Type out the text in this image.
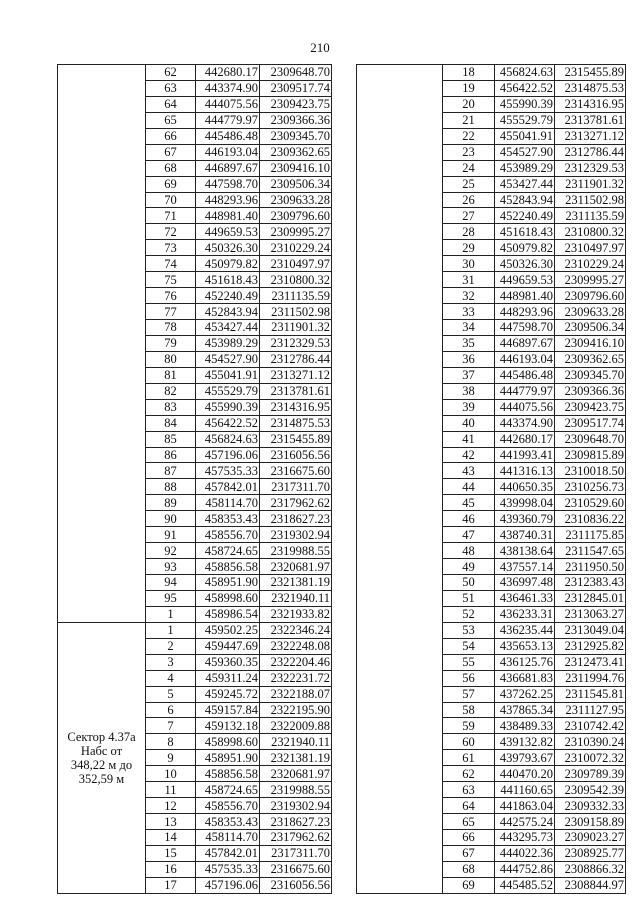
210
	62	442680.17	2309648.70
	63	443374.90	2309517.74
	64	444075.56	2309423.75
	65	444779.97	2309366.36
	66	445486.48	2309345.70
	67	446193.04	2309362.65
	68	446897.67	2309416.10
	69	447598.70	2309506.34
	70	448293.96	2309633.28
	71	448981.40	2309796.60
	72	449659.53	2309995.27
	73	450326.30	2310229.24
	74	450979.82	2310497.97
	75	451618.43	2310800.32
	76	452240.49	2311135.59
	77	452843.94	2311502.98
	78	453427.44	2311901.32
	79	453989.29	2312329.53
	80	454527.90	2312786.44
	81	455041.91	2313271.12
	82	455529.79	2313781.61
	83	455990.39	2314316.95
	84	456422.52	2314875.53
	85	456824.63	2315455.89
	86	457196.06	2316056.56
	87	457535.33	2316675.60
	88	457842.01	2317311.70
	89	458114.70	2317962.62
	90	458353.43	2318627.23
	91	458556.70	2319302.94
	92	458724.65	2319988.55
	93	458856.58	2320681.97
	94	458951.90	2321381.19
	95	458998.60	2321940.11
	1	458986.54	2321933.82

Сектор 4.37а
Набс от
348,22 м до
352,59 м	1	459502.25	2322346.24
	2	459447.69	2322248.08
	3	459360.35	2322204.46
	4	459311.24	2322231.72
	5	459245.72	2322188.07
	6	459157.84	2322195.90
	7	459132.18	2322009.88
	8	458998.60	2321940.11
	9	458951.90	2321381.19
	10	458856.58	2320681.97
	11	458724.65	2319988.55
	12	458556.70	2319302.94
	13	458353.43	2318627.23
	14	458114.70	2317962.62
	15	457842.01	2317311.70
	16	457535.33	2316675.60
	17	457196.06	2316056.56
	18	456824.63	2315455.89
	19	456422.52	2314875.53
	20	455990.39	2314316.95
	21	455529.79	2313781.61
	22	455041.91	2313271.12
	23	454527.90	2312786.44
	24	453989.29	2312329.53
	25	453427.44	2311901.32
	26	452843.94	2311502.98
	27	452240.49	2311135.59
	28	451618.43	2310800.32
	29	450979.82	2310497.97
	30	450326.30	2310229.24
	31	449659.53	2309995.27
	32	448981.40	2309796.60
	33	448293.96	2309633.28
	34	447598.70	2309506.34
	35	446897.67	2309416.10
	36	446193.04	2309362.65
	37	445486.48	2309345.70
	38	444779.97	2309366.36
	39	444075.56	2309423.75
	40	443374.90	2309517.74
	41	442680.17	2309648.70
	42	441993.41	2309815.89
	43	441316.13	2310018.50
	44	440650.35	2310256.73
	45	439998.04	2310529.60
	46	439360.79	2310836.22
	47	438740.31	2311175.85
	48	438138.64	2311547.65
	49	437557.14	2311950.50
	50	436997.48	2312383.43
	51	436461.33	2312845.01
	52	436233.31	2313063.27
	53	436235.44	2313049.04
	54	435653.13	2312925.82
	55	436125.76	2312473.41
	56	436681.83	2311994.76
	57	437262.25	2311545.81
	58	437865.34	2311127.95
	59	438489.33	2310742.42
	60	439132.82	2310390.24
	61	439793.67	2310072.32
	62	440470.20	2309789.39
	63	441160.65	2309542.39
	64	441863.04	2309332.33
	65	442575.24	2309158.89
	66	443295.73	2309023.27
	67	444022.36	2308925.77
	68	444752.86	2308866.32
	69	445485.52	2308844.97
